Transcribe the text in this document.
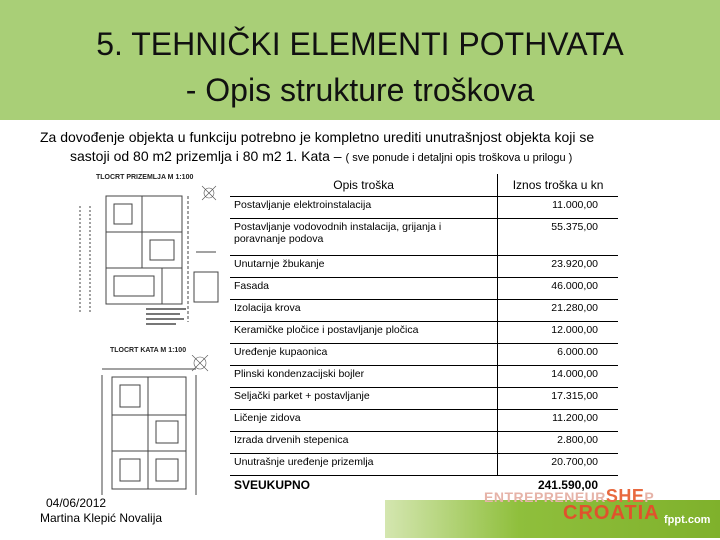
5. TEHNIČKI ELEMENTI POTHVATA
- Opis strukture troškova
Za dovođenje objekta u funkciju potrebno je kompletno urediti unutrašnjost objekta koji se
sastoji od 80 m2 prizemlja i 80 m2 1. Kata – ( sve ponude i detaljni opis troškova u prilogu )
TLOCRT PRIZEMLJA M 1:100
TLOCRT KATA M 1:100
Opis troška	Iznos troška u kn
Postavljanje elektroinstalacija	11.000,00
Postavljanje vodovodnih instalacija, grijanja i poravnanje podova	55.375,00
Unutarnje žbukanje	23.920,00
Fasada	46.000,00
Izolacija krova	21.280,00
Keramičke pločice i postavljanje pločica	12.000,00
Uređenje kupaonica	6.000.00
Plinski kondenzacijski bojler	14.000,00
Seljački parket + postavljanje	17.315,00
Ličenje zidova	11.200,00
Izrada drvenih stepenica	2.800,00
Unutrašnje uređenje prizemlja	20.700,00
SVEUKUPNO	241.590,00
04/06/2012
Martina Klepić Novalija
ENTREPRENEURSHEP
CROATIA fppt.com
